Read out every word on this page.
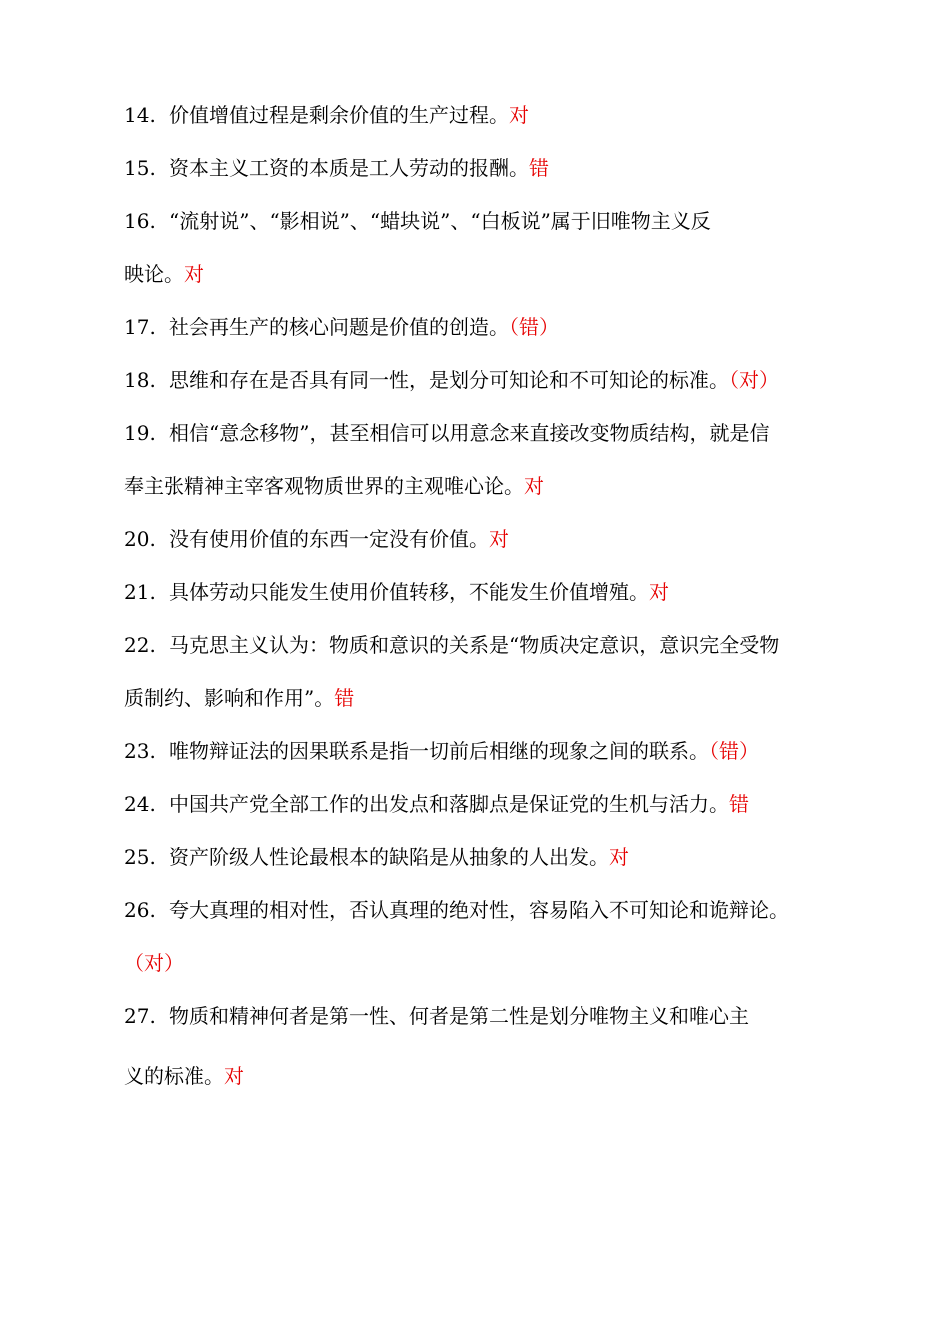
14. 价值增值过程是剩余价值的生产过程。对
15. 资本主义工资的本质是工人劳动的报酬。错
16. “流射说”、“影相说”、“蜡块说”、“白板说”属于旧唯物主义反
映论。对
17. 社会再生产的核心问题是价值的创造。（错）
18. 思维和存在是否具有同一性，是划分可知论和不可知论的标准。（对）
19. 相信“意念移物”，甚至相信可以用意念来直接改变物质结构，就是信
奉主张精神主宰客观物质世界的主观唯心论。对
20. 没有使用价值的东西一定没有价值。对
21. 具体劳动只能发生使用价值转移，不能发生价值增殖。对
22. 马克思主义认为：物质和意识的关系是“物质决定意识，意识完全受物
质制约、影响和作用”。错
23. 唯物辩证法的因果联系是指一切前后相继的现象之间的联系。（错）
24. 中国共产党全部工作的出发点和落脚点是保证党的生机与活力。错
25. 资产阶级人性论最根本的缺陷是从抽象的人出发。对
26. 夸大真理的相对性，否认真理的绝对性，容易陷入不可知论和诡辩论。
（对）
27. 物质和精神何者是第一性、何者是第二性是划分唯物主义和唯心主
义的标准。对
